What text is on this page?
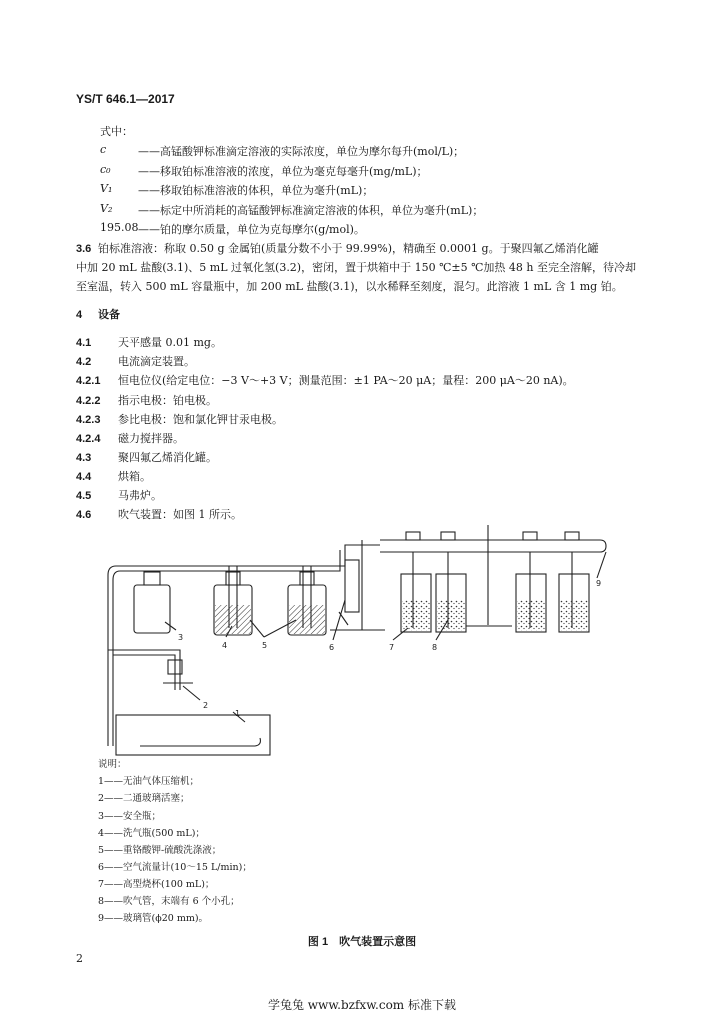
YS/T 646.1—2017
式中：
c	——高锰酸钾标准滴定溶液的实际浓度，单位为摩尔每升(mol/L)；
c₀ ——移取铂标准溶液的浓度，单位为毫克每毫升(mg/mL)；
V₁ ——移取铂标准溶液的体积，单位为毫升(mL)；
V₂ ——标定中所消耗的高锰酸钾标准滴定溶液的体积，单位为毫升(mL)；
195.08 ——铂的摩尔质量，单位为克每摩尔(g/mol)。
3.6 铂标准溶液：称取 0.50 g 金属铂(质量分数不小于 99.99%)，精确至 0.0001 g。于聚四氟乙烯消化罐
中加 20 mL 盐酸(3.1)、5 mL 过氧化氢(3.2)，密闭，置于烘箱中于 150 ℃±5 ℃加热 48 h 至完全溶解，待冷却
至室温，转入 500 mL 容量瓶中，加 200 mL 盐酸(3.1)，以水稀释至刻度，混匀。此溶液 1 mL 含 1 mg 铂。
4 设备
4.1 天平感量 0.01 mg。
4.2 电流滴定装置。
4.2.1 恒电位仪(给定电位：−3 V～+3 V；测量范围：±1 PA～20 μA；量程：200 μA～20 nA)。
4.2.2 指示电极：铂电极。
4.2.3 参比电极：饱和氯化钾甘汞电极。
4.2.4 磁力搅拌器。
4.3 聚四氟乙烯消化罐。
4.4 烘箱。
4.5 马弗炉。
4.6 吹气装置：如图 1 所示。
1
2
3
4	5	6	7	8
9
说明：
1——无油气体压缩机；
2——二通玻璃活塞；
3——安全瓶；
4——洗气瓶(500 mL)；
5——重铬酸钾-硫酸洗涤液；
6——空气流量计(10～15 L/min)；
7——高型烧杯(100 mL)；
8——吹气管，末端有 6 个小孔；
9——玻璃管(ϕ20 mm)。
图 1　吹气装置示意图
2
学兔兔 www.bzfxw.com 标准下载
